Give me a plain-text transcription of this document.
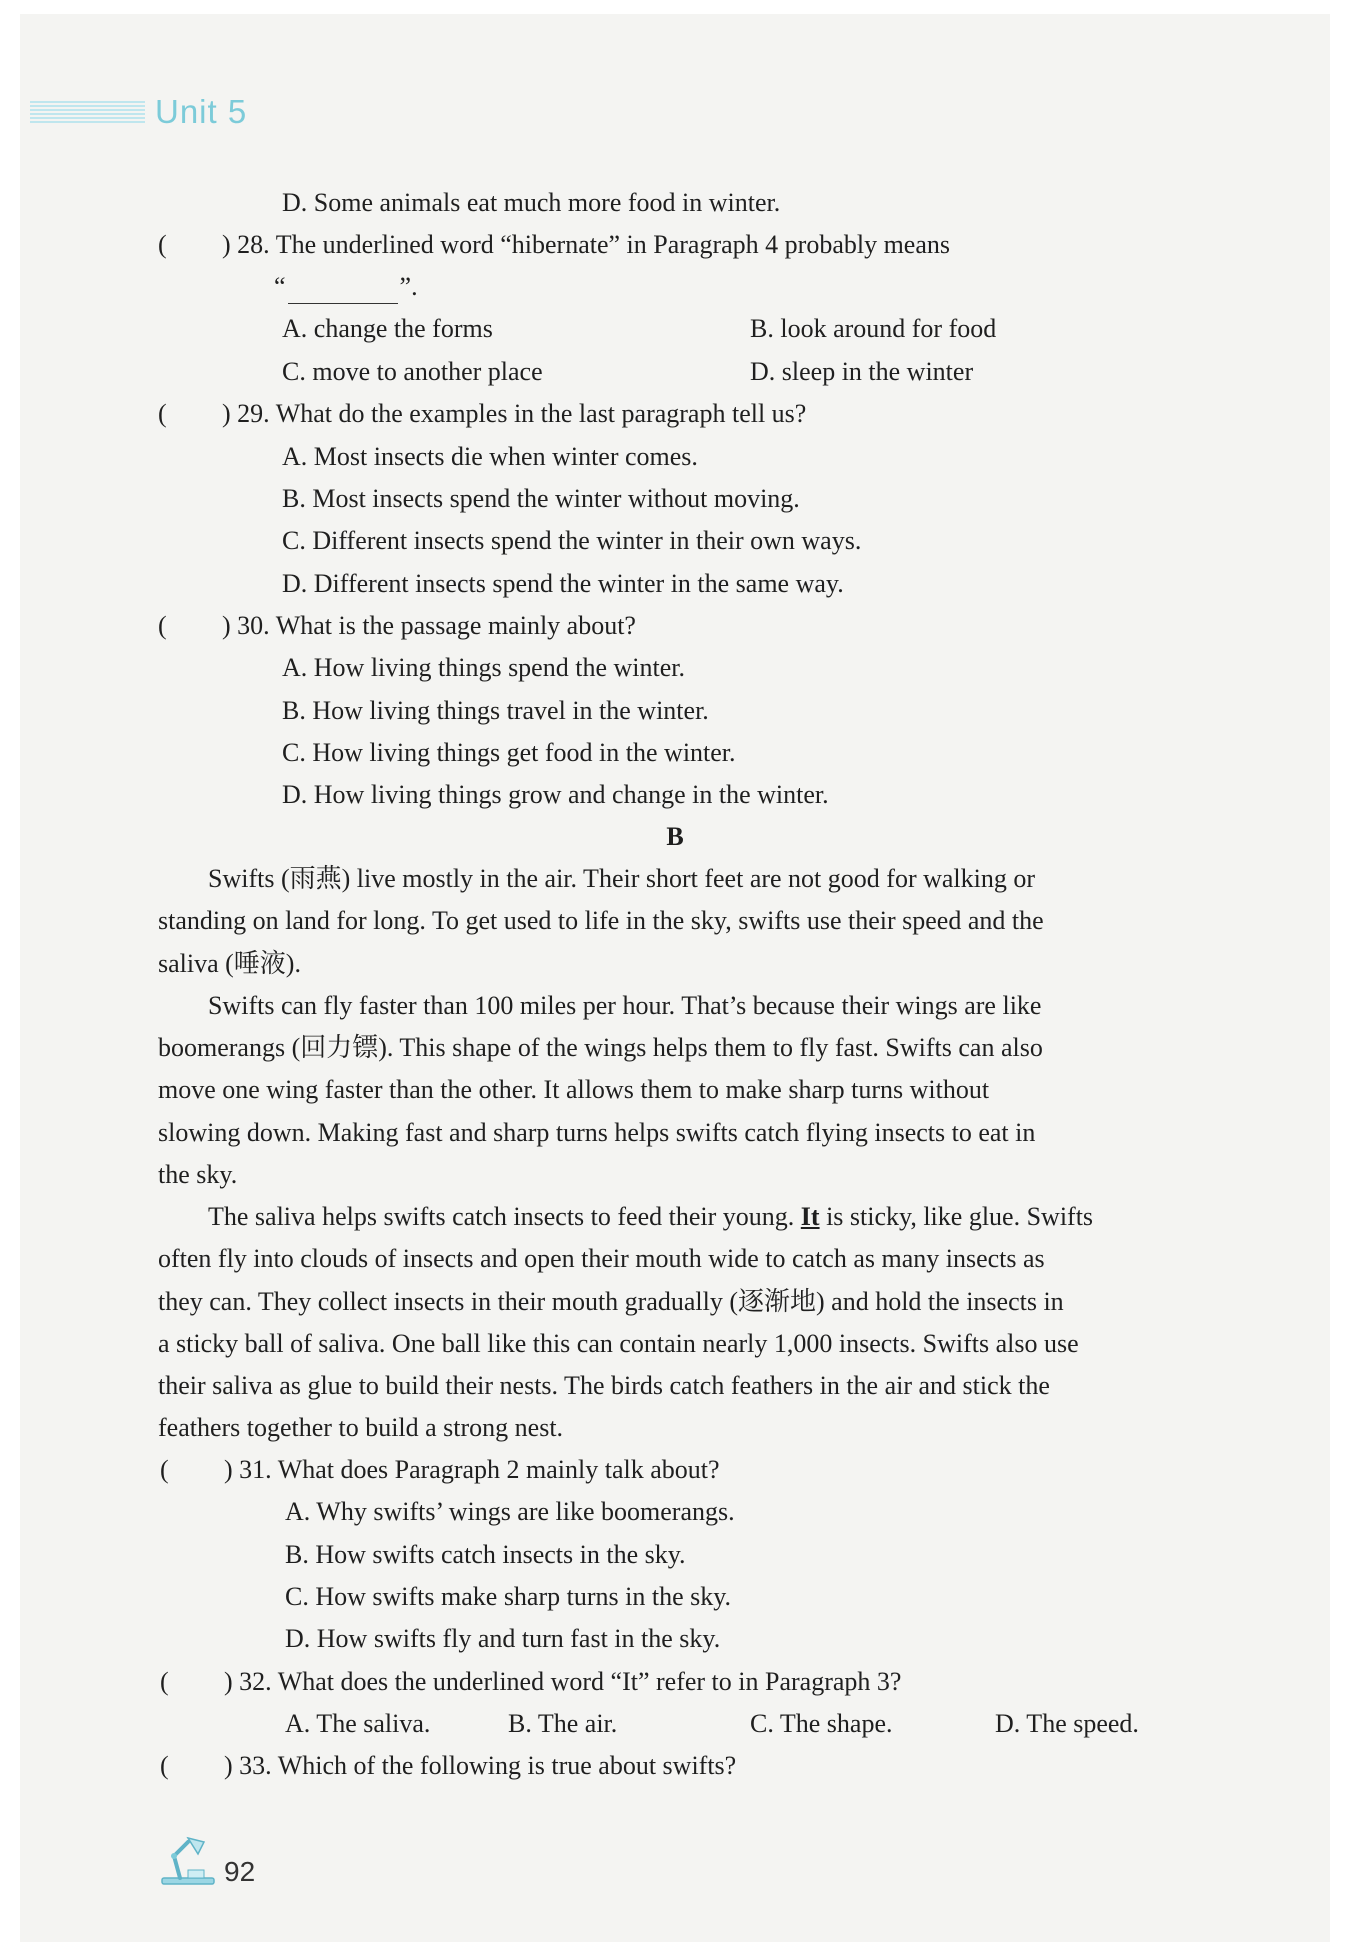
Unit 5
D. Some animals eat much more food in winter.
( ) 28. The underlined word “hibernate” in Paragraph 4 probably means
“	”.
A. change the forms	B. look around for food
C. move to another place	D. sleep in the winter
( ) 29. What do the examples in the last paragraph tell us?
A. Most insects die when winter comes.
B. Most insects spend the winter without moving.
C. Different insects spend the winter in their own ways.
D. Different insects spend the winter in the same way.
( ) 30. What is the passage mainly about?
A. How living things spend the winter.
B. How living things travel in the winter.
C. How living things get food in the winter.
D. How living things grow and change in the winter.
B
Swifts (雨燕) live mostly in the air. Their short feet are not good for walking or
standing on land for long. To get used to life in the sky, swifts use their speed and the
saliva (唾液).
Swifts can fly faster than 100 miles per hour. That’s because their wings are like
boomerangs (回力镖). This shape of the wings helps them to fly fast. Swifts can also
move one wing faster than the other. It allows them to make sharp turns without
slowing down. Making fast and sharp turns helps swifts catch flying insects to eat in
the sky.
The saliva helps swifts catch insects to feed their young. It is sticky, like glue. Swifts
often fly into clouds of insects and open their mouth wide to catch as many insects as
they can. They collect insects in their mouth gradually (逐渐地) and hold the insects in
a sticky ball of saliva. One ball like this can contain nearly 1,000 insects. Swifts also use
their saliva as glue to build their nests. The birds catch feathers in the air and stick the
feathers together to build a strong nest.
( ) 31. What does Paragraph 2 mainly talk about?
A. Why swifts’ wings are like boomerangs.
B. How swifts catch insects in the sky.
C. How swifts make sharp turns in the sky.
D. How swifts fly and turn fast in the sky.
( ) 32. What does the underlined word “It” refer to in Paragraph 3?
A. The saliva.	B. The air.	C. The shape.	D. The speed.
( ) 33. Which of the following is true about swifts?
92
